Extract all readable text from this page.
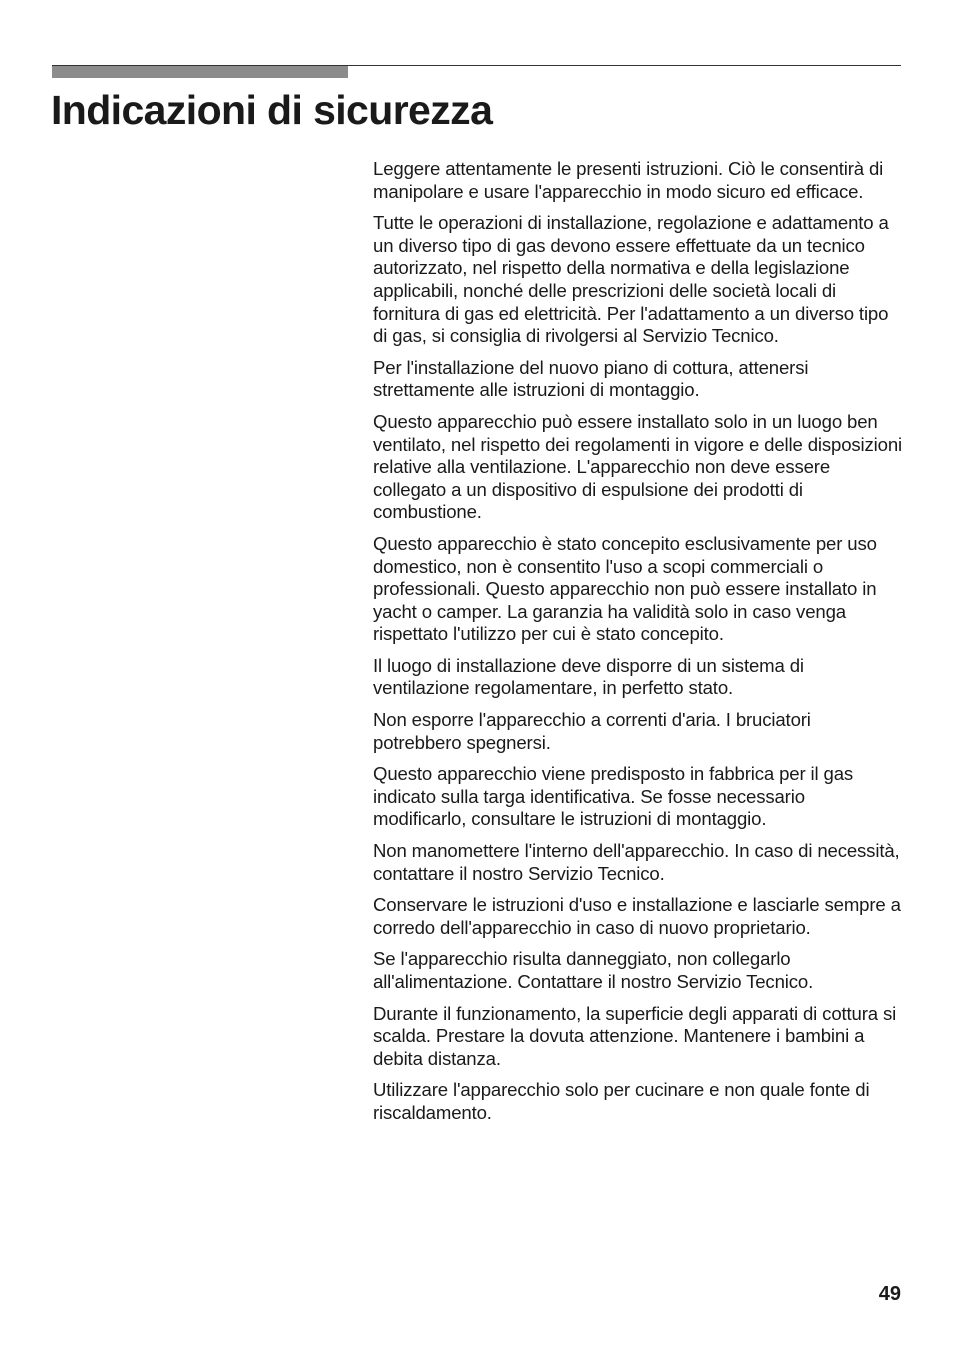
Indicazioni di sicurezza

Leggere attentamente le presenti istruzioni. Ciò le consentirà di manipolare e usare l'apparecchio in modo sicuro ed efficace.

Tutte le operazioni di installazione, regolazione e adattamento a un diverso tipo di gas devono essere effettuate da un tecnico autorizzato, nel rispetto della normativa e della legislazione applicabili, nonché delle prescrizioni delle società locali di fornitura di gas ed elettricità. Per l'adattamento a un diverso tipo di gas, si consiglia di rivolgersi al Servizio Tecnico.

Per l'installazione del nuovo piano di cottura, attenersi strettamente alle istruzioni di montaggio.

Questo apparecchio può essere installato solo in un luogo ben ventilato, nel rispetto dei regolamenti in vigore e delle disposizioni relative alla ventilazione. L'apparecchio non deve essere collegato a un dispositivo di espulsione dei prodotti di combustione.

Questo apparecchio è stato concepito esclusivamente per uso domestico, non è consentito l'uso a scopi commerciali o professionali. Questo apparecchio non può essere installato in yacht o camper. La garanzia ha validità solo in caso venga rispettato l'utilizzo per cui è stato concepito.

Il luogo di installazione deve disporre di un sistema di ventilazione regolamentare, in perfetto stato.

Non esporre l'apparecchio a correnti d'aria. I bruciatori potrebbero spegnersi.

Questo apparecchio viene predisposto in fabbrica per il gas indicato sulla targa identificativa. Se fosse necessario modificarlo, consultare le istruzioni di montaggio.

Non manomettere l'interno dell'apparecchio. In caso di necessità, contattare il nostro Servizio Tecnico.

Conservare le istruzioni d'uso e installazione e lasciarle sempre a corredo dell'apparecchio in caso di nuovo proprietario.

Se l'apparecchio risulta danneggiato, non collegarlo all'alimentazione. Contattare il nostro Servizio Tecnico.

Durante il funzionamento, la superficie degli apparati di cottura si scalda. Prestare la dovuta attenzione. Mantenere i bambini a debita distanza.

Utilizzare l'apparecchio solo per cucinare e non quale fonte di riscaldamento.

49
